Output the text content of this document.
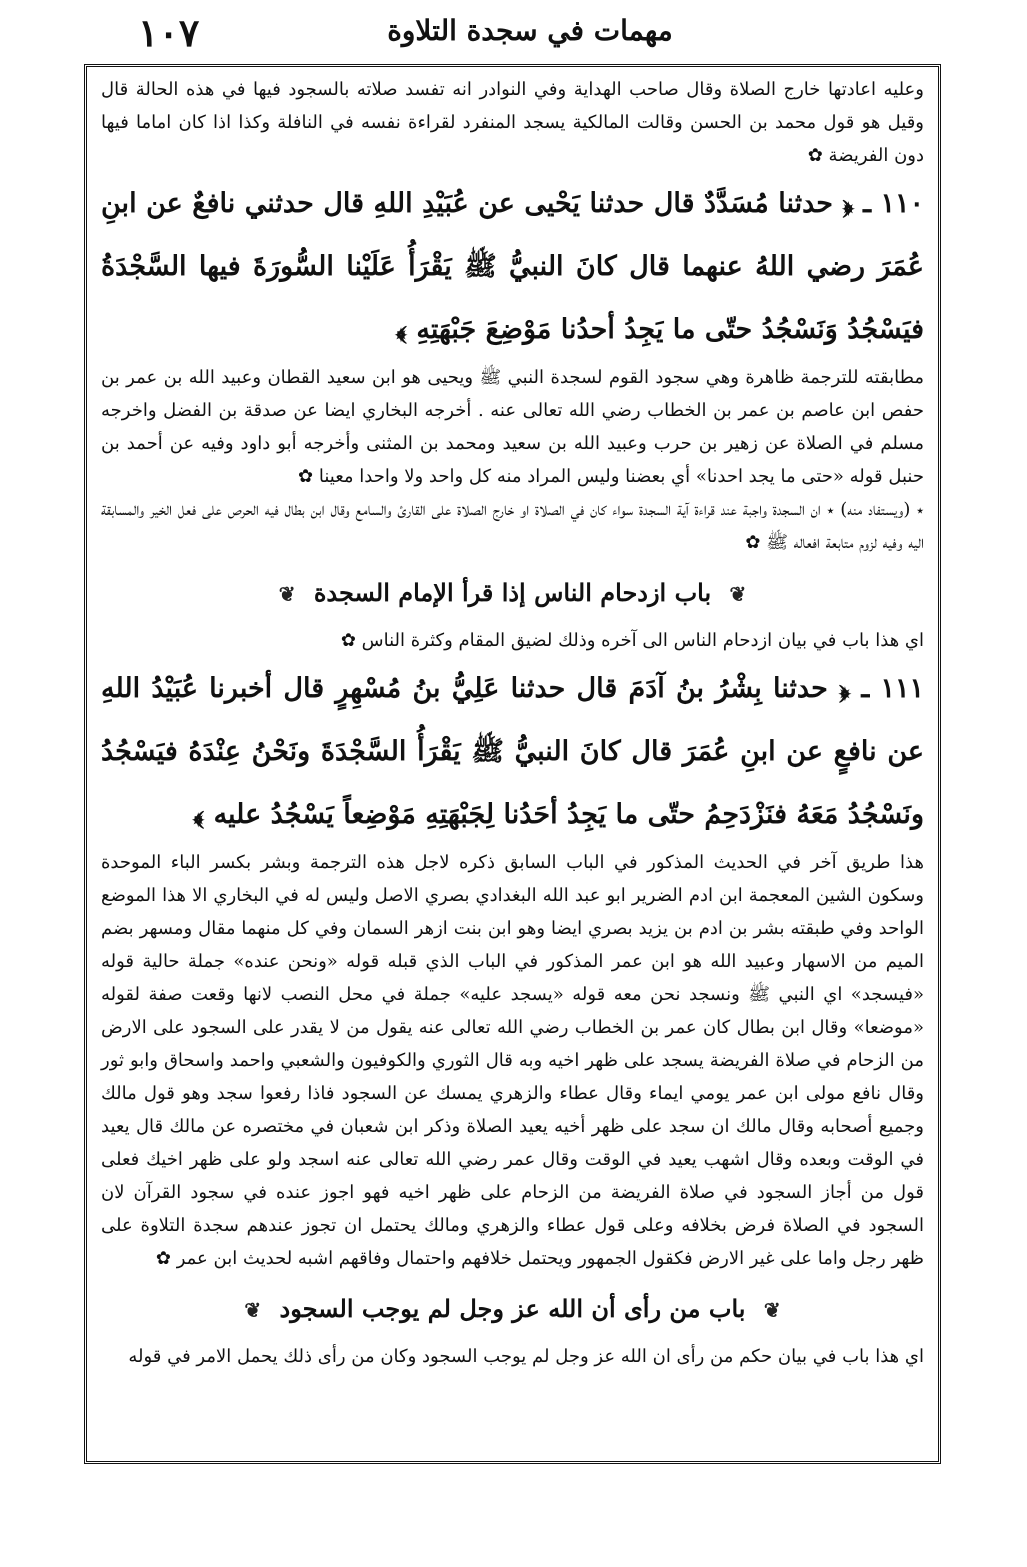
١٠٧	مهمات في سجدة التلاوة

وعليه اعادتها خارج الصلاة وقال صاحب الهداية وفي النوادر انه تفسد صلاته بالسجود فيها في هذه الحالة قال وقيل هو قول محمد بن الحسن وقالت المالكية يسجد المنفرد لقراءة نفسه في النافلة وكذا اذا كان اماما فيها دون الفريضة ✿

١١٠ ـ ﴿ حدثنا مُسَدَّدٌ قال حدثنا يَحْيى عن عُبَيْدِ اللهِ قال حدثني نافعٌ عن ابنِ عُمَرَ رضي اللهُ عنهما قال كانَ النبيُّ ﷺ يَقْرَأُ عَلَيْنا السُّورَةَ فيها السَّجْدَةُ فيَسْجُدُ وَنَسْجُدُ حتّى ما يَجِدُ أحدُنا مَوْضِعَ جَبْهَتِهِ ﴾

مطابقته للترجمة ظاهرة وهي سجود القوم لسجدة النبي ﷺ ويحيى هو ابن سعيد القطان وعبيد الله بن عمر بن حفص ابن عاصم بن عمر بن الخطاب رضي الله تعالى عنه . أخرجه البخاري ايضا عن صدقة بن الفضل واخرجه مسلم في الصلاة عن زهير بن حرب وعبيد الله بن سعيد ومحمد بن المثنى وأخرجه أبو داود وفيه عن أحمد بن حنبل قوله «حتى ما يجد احدنا» أي بعضنا وليس المراد منه كل واحد ولا واحدا معينا ✿

٭ (ويستفاد منه) ٭ ان السجدة واجبة عند قراءة آية السجدة سواء كان في الصلاة او خارج الصلاة على القارئ والسامع وقال ابن بطال فيه الحرص على فعل الخير والمسابقة اليه وفيه لزوم متابعة افعاله ﷺ ✿

❦ باب ازدحام الناس إذا قرأ الإمام السجدة ❦

اي هذا باب في بيان ازدحام الناس الى آخره وذلك لضيق المقام وكثرة الناس ✿

١١١ ـ ﴿ حدثنا بِشْرُ بنُ آدَمَ قال حدثنا عَلِيُّ بنُ مُسْهِرٍ قال أخبرنا عُبَيْدُ اللهِ عن نافعٍ عن ابنِ عُمَرَ قال كانَ النبيُّ ﷺ يَقْرَأُ السَّجْدَةَ ونَحْنُ عِنْدَهُ فيَسْجُدُ ونَسْجُدُ مَعَهُ فنَزْدَحِمُ حتّى ما يَجِدُ أحَدُنا لِجَبْهَتِهِ مَوْضِعاً يَسْجُدُ عليه ﴾

هذا طريق آخر في الحديث المذكور في الباب السابق ذكره لاجل هذه الترجمة وبشر بكسر الباء الموحدة وسكون الشين المعجمة ابن ادم الضرير ابو عبد الله البغدادي بصري الاصل وليس له في البخاري الا هذا الموضع الواحد وفي طبقته بشر بن ادم بن يزيد بصري ايضا وهو ابن بنت ازهر السمان وفي كل منهما مقال ومسهر بضم الميم من الاسهار وعبيد الله هو ابن عمر المذكور في الباب الذي قبله قوله «ونحن عنده» جملة حالية قوله «فيسجد» اي النبي ﷺ ونسجد نحن معه قوله «يسجد عليه» جملة في محل النصب لانها وقعت صفة لقوله «موضعا» وقال ابن بطال كان عمر بن الخطاب رضي الله تعالى عنه يقول من لا يقدر على السجود على الارض من الزحام في صلاة الفريضة يسجد على ظهر اخيه وبه قال الثوري والكوفيون والشعبي واحمد واسحاق وابو ثور وقال نافع مولى ابن عمر يومي ايماء وقال عطاء والزهري يمسك عن السجود فاذا رفعوا سجد وهو قول مالك وجميع أصحابه وقال مالك ان سجد على ظهر أخيه يعيد الصلاة وذكر ابن شعبان في مختصره عن مالك قال يعيد في الوقت وبعده وقال اشهب يعيد في الوقت وقال عمر رضي الله تعالى عنه اسجد ولو على ظهر اخيك فعلى قول من أجاز السجود في صلاة الفريضة من الزحام على ظهر اخيه فهو اجوز عنده في سجود القرآن لان السجود في الصلاة فرض بخلافه وعلى قول عطاء والزهري ومالك يحتمل ان تجوز عندهم سجدة التلاوة على ظهر رجل واما على غير الارض فكقول الجمهور ويحتمل خلافهم واحتمال وفاقهم اشبه لحديث ابن عمر ✿

❦ باب من رأى أن الله عز وجل لم يوجب السجود ❦

اي هذا باب في بيان حكم من رأى ان الله عز وجل لم يوجب السجود وكان من رأى ذلك يحمل الامر في قوله
